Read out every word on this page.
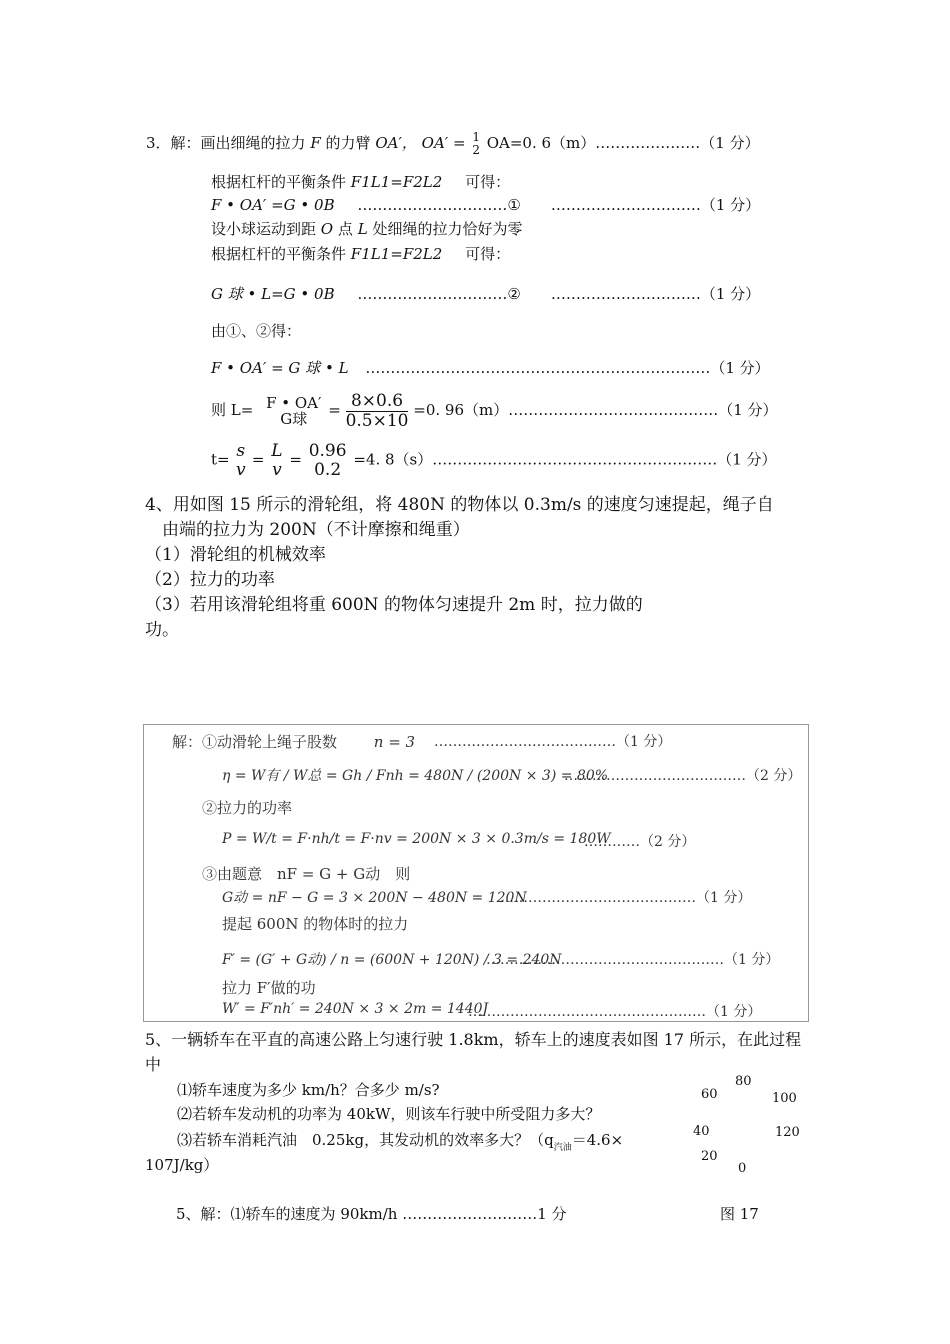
3．解：画出细绳的拉力 F 的力臂 OA′， OA′ = 1
2 OA=0. 6（m）…………………（1 分）
根据杠杆的平衡条件 F1L1=F2L2 可得：
F • OA′ =G • 0B …………………………①　　…………………………（1 分）
设小球运动到距 O 点 L 处细绳的拉力恰好为零
根据杠杆的平衡条件 F1L1=F2L2 可得：
G 球 • L=G • 0B …………………………②　　…………………………（1 分）
由①、②得：
F • OA′ = G 球 • L ……………………………………………………………（1 分）
则 L= F • OA′
G球	= $\frac{8\times 0.6}{0.5\times 10} =0$. 96（m）……………………………………（1 分）
t= s
v = L
v = 0.96
0.2 =4. 8（s）…………………………………………………（1 分）
4、用如图 15 所示的滑轮组，将 480N 的物体以 0.3m/s 的速度匀速提起，绳子自
由端的拉力为 200N（不计摩擦和绳重）
（1）滑轮组的机械效率
（2）拉力的功率
（3）若用该滑轮组将重 600N 的物体匀速提升 2m 时，拉力做的
功。
解：①动滑轮上绳子股数 n = 3 …………………………………（1 分）
η = W有 / W总 = Gh / Fnh = 480N / (200N × 3) = 80%
…………………………………（2 分）
②拉力的功率
P = W/t = F·nh/t = F·nv = 200N × 3 × 0.3m/s = 180W
…………（2 分）
③由题意　nF = G + G动　则
G动 = nF − G = 3 × 200N − 480N = 120N
……………………………………（1 分）
提起 600N 的物体时的拉力
F′ = (G′ + G动) / n = (600N + 120N) / 3 = 240N
……………………………………………（1 分）
拉力 F′做的功
W′ = F′nh′ = 240N × 3 × 2m = 1440J
……………………………………………（1 分）
5、一辆轿车在平直的高速公路上匀速行驶 1.8km，轿车上的速度表如图 17 所示，在此过程
中
⑴轿车速度为多少 km/h？合多少 m/s?
⑵若轿车发动机的功率为 40kW，则该车行驶中所受阻力多大？
⑶若轿车消耗汽油　0.25kg，其发动机的效率多大？（$q_{汽油}=4.6\times$
107J/kg）
80
60	100
40	120
20
0
5、解：⑴轿车的速度为 90km/h ………………………1 分	图 17
